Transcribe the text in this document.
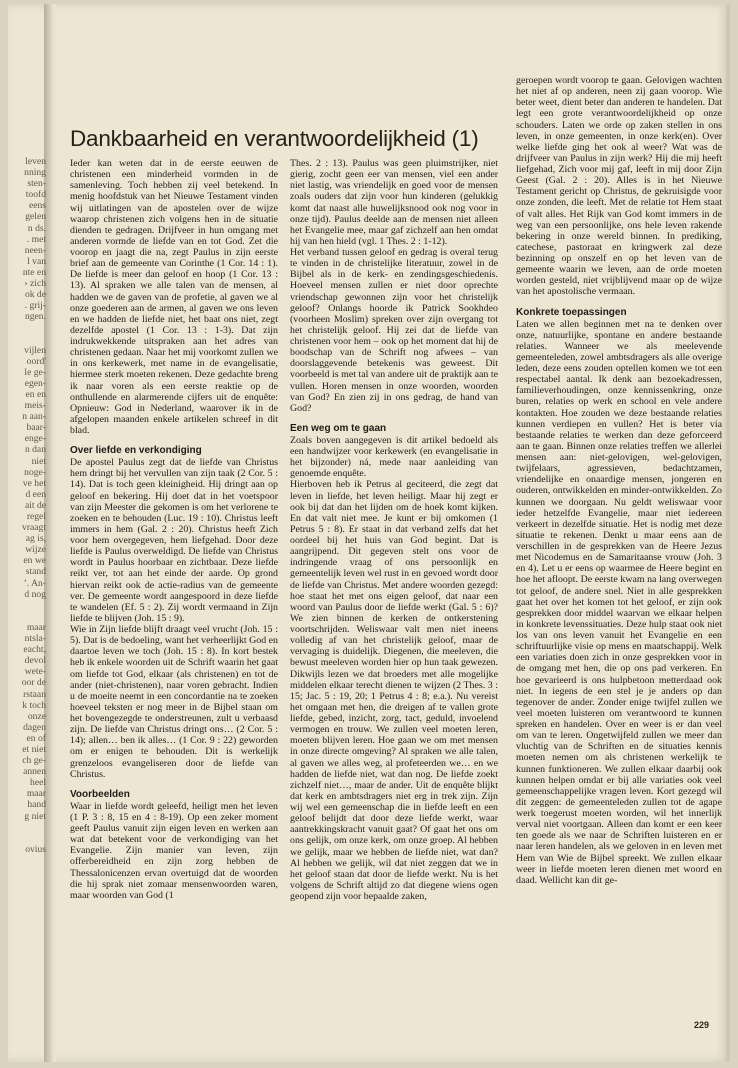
leven

nning

sten-

toofd

eens

gelen

n ds.

. met

neen-

l van

nte en

› zich

ok de

. grij-

ngen.

vijlen

oord'

le ge-

egen-

en en

meis-

n aan-

baar-

enge-

n dan

niet

noge-

ve het

d een

ait de

regel

vraagt

ag is,

wijze

en we

stand

’. An-

d nog

maar

ntsla-

eacht,

devol

wete-

oor de

rstaan

k toch

onze

dagen

en of

et niet

ch ge-

annen

heel

maar

hand

g niet

ovius

Dankbaarheid en verantwoordelijkheid (1)

Ieder kan weten dat in de eerste eeuwen de christenen een minderheid vormden in de samenleving. Toch hebben zij veel betekend. In menig hoofdstuk van het Nieuwe Testament vinden wij uitlatingen van de apostelen over de wijze waarop christenen zich volgens hen in de situatie dienden te gedragen. Drijfveer in hun omgang met anderen vormde de liefde van en tot God. Zet die voorop en jaagt die na, zegt Paulus in zijn eerste brief aan de gemeente van Corinthe (1 Cor. 14 : 1). De liefde is meer dan geloof en hoop (1 Cor. 13 : 13). Al spraken we alle talen van de mensen, al hadden we de gaven van de profetie, al gaven we al onze goederen aan de armen, al gaven we ons leven en we hadden de liefde niet, het baat ons niet, zegt dezelfde apostel (1 Cor. 13 : 1-3). Dat zijn indrukwekkende uitspraken aan het adres van christenen gedaan. Naar het mij voorkomt zullen we in ons kerkewerk, met name in de evangelisatie, hiermee sterk moeten rekenen. Deze gedachte breng ik naar voren als een eerste reaktie op de onthullende en alarmerende cijfers uit de enquête: Opnieuw: God in Nederland, waarover ik in de afgelopen maanden enkele artikelen schreef in dit blad.

Over liefde en verkondiging

De apostel Paulus zegt dat de liefde van Christus hem dringt bij het vervullen van zijn taak (2 Cor. 5 : 14). Dat is toch geen kleinigheid. Hij dringt aan op geloof en bekering. Hij doet dat in het voetspoor van zijn Meester die gekomen is om het verlorene te zoeken en te behouden (Luc. 19 : 10). Christus leeft immers in hem (Gal. 2 : 20). Christus heeft Zich voor hem overgegeven, hem liefgehad. Door deze liefde is Paulus overweldigd. De liefde van Christus wordt in Paulus hoorbaar en zichtbaar. Deze liefde reikt ver, tot aan het einde der aarde. Op grond hiervan reikt ook de actie-radius van de gemeente ver. De gemeente wordt aangespoord in deze liefde te wandelen (Ef. 5 : 2). Zij wordt vermaand in Zijn liefde te blijven (Joh. 15 : 9).

Wie in Zijn liefde blijft draagt veel vrucht (Joh. 15 : 5). Dat is de bedoeling, want het verheerlijkt God en daartoe leven we toch (Joh. 15 : 8). In kort bestek heb ik enkele woorden uit de Schrift waarin het gaat om liefde tot God, elkaar (als christenen) en tot de ander (niet-christenen), naar voren gebracht. Indien u de moeite neemt in een concordantie na te zoeken hoeveel teksten er nog meer in de Bijbel staan om het bovengezegde te onderstreunen, zult u verbaasd zijn. De liefde van Christus dringt ons… (2 Cor. 5 : 14); allen… ben ik alles… (1 Cor. 9 : 22) geworden om er enigen te behouden. Dit is werkelijk grenzeloos evangeliseren door de liefde van Christus.

Voorbeelden

Waar in liefde wordt geleefd, heiligt men het leven (1 P. 3 : 8, 15 en 4 : 8-19). Op een zeker moment geeft Paulus vanuit zijn eigen leven en werken aan wat dat betekent voor de verkondiging van het Evangelie. Zijn manier van leven, zijn offerbereidheid en zijn zorg hebben de Thessalonicenzen ervan overtuigd dat de woorden die hij sprak niet zomaar mensenwoorden waren, maar woorden van God (1

Thes. 2 : 13). Paulus was geen pluimstrijker, niet gierig, zocht geen eer van mensen, viel een ander niet lastig, was vriendelijk en goed voor de mensen zoals ouders dat zijn voor hun kinderen (gelukkig komt dat naast alle huwelijksnood ook nog voor in onze tijd). Paulus deelde aan de mensen niet alleen het Evangelie mee, maar gaf zichzelf aan hen omdat hij van hen hield (vgl. 1 Thes. 2 : 1-12).

Het verband tussen geloof en gedrag is overal terug te vinden in de christelijke literatuur, zowel in de Bijbel als in de kerk- en zendingsgeschiedenis. Hoeveel mensen zullen er niet door oprechte vriendschap gewonnen zijn voor het christelijk geloof? Onlangs hoorde ik Patrick Sookhdeo (voorheen Moslim) spreken over zijn overgang tot het christelijk geloof. Hij zei dat de liefde van christenen voor hem – ook op het moment dat hij de boodschap van de Schrift nog afwees – van doorslaggevende betekenis was geweest. Dit voorbeeld is met tal van andere uit de praktijk aan te vullen. Horen mensen in onze woorden, woorden van God? En zien zij in ons gedrag, de hand van God?

Een weg om te gaan

Zoals boven aangegeven is dit artikel bedoeld als een handwijzer voor kerkewerk (en evangelisatie in het bijzonder) ná, mede naar aanleiding van genoemde enquête.

Hierboven heb ik Petrus al geciteerd, die zegt dat leven in liefde, het leven heiligt. Maar hij zegt er ook bij dat dan het lijden om de hoek komt kijken. En dat valt niet mee. Je kunt er bij omkomen (1 Petrus 5 : 8). Er staat in dat verband zelfs dat het oordeel bij het huis van God begint. Dat is aangrijpend. Dit gegeven stelt ons voor de indringende vraag of ons persoonlijk en gemeentelijk leven wel rust in en gevoed wordt door de liefde van Christus. Met andere woorden gezegd: hoe staat het met ons eigen geloof, dat naar een woord van Paulus door de liefde werkt (Gal. 5 : 6)? We zien binnen de kerken de ontkerstening voortschrijden. Weliswaar valt men niet ineens volledig af van het christelijk geloof, maar de vervaging is duidelijk. Diegenen, die meeleven, die bewust meeleven worden hier op hun taak gewezen. Dikwijls lezen we dat broeders met alle mogelijke middelen elkaar terecht dienen te wijzen (2 Thes. 3 : 15; Jac. 5 : 19, 20; 1 Petrus 4 : 8; e.a.). Nu vereist het omgaan met hen, die dreigen af te vallen grote liefde, gebed, inzicht, zorg, tact, geduld, invoelend vermogen en trouw. We zullen veel moeten leren, moeten blijven leren. Hoe gaan we om met mensen in onze directe omgeving? Al spraken we alle talen, al gaven we alles weg, al profeteerden we… en we hadden de liefde niet, wat dan nog. De liefde zoekt zichzelf niet…, maar de ander. Uit de enquête blijkt dat kerk en ambtsdragers niet erg in trek zijn. Zijn wij wel een gemeenschap die in liefde leeft en een geloof belijdt dat door deze liefde werkt, waar aantrekkingskracht vanuit gaat? Of gaat het ons om ons gelijk, om onze kerk, om onze groep. Al hebben we gelijk, maar we hebben de liefde niet, wat dan? Al hebben we gelijk, wil dat niet zeggen dat we in het geloof staan dat door de liefde werkt. Nu is het volgens de Schrift altijd zo dat diegene wiens ogen geopend zijn voor bepaalde zaken,

geroepen wordt voorop te gaan. Gelovigen wachten het niet af op anderen, neen zij gaan voorop. Wie beter weet, dient beter dan anderen te handelen. Dat legt een grote verantwoordelijkheid op onze schouders. Laten we orde op zaken stellen in ons leven, in onze gemeenten, in onze kerk(en). Over welke liefde ging het ook al weer? Wat was de drijfveer van Paulus in zijn werk? Hij die mij heeft liefgehad, Zich voor mij gaf, leeft in mij door Zijn Geest (Gal. 2 : 20). Alles is in het Nieuwe Testament gericht op Christus, de gekruisigde voor onze zonden, die leeft. Met de relatie tot Hem staat of valt alles. Het Rijk van God komt immers in de weg van een persoonlijke, ons hele leven rakende bekering in onze wereld binnen. In prediking, catechese, pastoraat en kringwerk zal deze bezinning op onszelf en op het leven van de gemeente waarin we leven, aan de orde moeten worden gesteld, niet vrijblijvend maar op de wijze van het apostolische vermaan.

Konkrete toepassingen

Laten we allen beginnen met na te denken over onze, natuurlijke, spontane en andere bestaande relaties. Wanneer we als meelevende gemeenteleden, zowel ambtsdragers als alle overige leden, deze eens zouden optellen komen we tot een respectabel aantal. Ik denk aan bezoekadressen, familieverhoudingen, onze kennissenkring, onze buren, relaties op werk en school en vele andere kontakten. Hoe zouden we deze bestaande relaties kunnen verdiepen en vullen? Het is beter via bestaande relaties te werken dan deze geforceerd aan te gaan. Binnen onze relaties treffen we allerlei mensen aan: niet-gelovigen, wel-gelovigen, twijfelaars, agressieven, bedachtzamen, vriendelijke en onaardige mensen, jongeren en ouderen, ontwikkelden en minder-ontwikkelden. Zo kunnen we doorgaan. Nu geldt weliswaar voor ieder hetzelfde Evangelie, maar niet iedereen verkeert in dezelfde situatie. Het is nodig met deze situatie te rekenen. Denkt u maar eens aan de verschillen in de gesprekken van de Heere Jezus met Nicodemus en de Samaritaanse vrouw (Joh. 3 en 4). Let u er eens op waarmee de Heere begint en hoe het afloopt. De eerste kwam na lang overwegen tot geloof, de andere snel. Niet in alle gesprekken gaat het over het komen tot het geloof, er zijn ook gesprekken door middel waarvan we elkaar helpen in konkrete levenssituaties. Deze hulp staat ook niet los van ons leven vanuit het Evangelie en een schriftuurlijke visie op mens en maatschappij. Welk een variaties doen zich in onze gesprekken voor in de omgang met hen, die op ons pad verkeren. En hoe gevarieerd is ons hulpbetoon metterdaad ook niet. In iegens de een stel je je anders op dan tegenover de ander. Zonder enige twijfel zullen we veel moeten luisteren om verantwoord te kunnen spreken en handelen. Over en weer is er dan veel om van te leren. Ongetwijfeld zullen we meer dan vluchtig van de Schriften en de situaties kennis moeten nemen om als christenen werkelijk te kunnen funktioneren. We zullen elkaar daarbij ook kunnen helpen omdat er bij alle variaties ook veel gemeenschappelijke vragen leven. Kort gezegd wil dit zeggen: de gemeenteleden zullen tot de agape werk toegerust moeten worden, wil het innerlijk verval niet voortgaan. Alleen dan komt er een keer ten goede als we naar de Schriften luisteren en er naar leren handelen, als we geloven in en leven met Hem van Wie de Bijbel spreekt. We zullen elkaar weer in liefde moeten leren dienen met woord en daad. Wellicht kan dit ge-

229
